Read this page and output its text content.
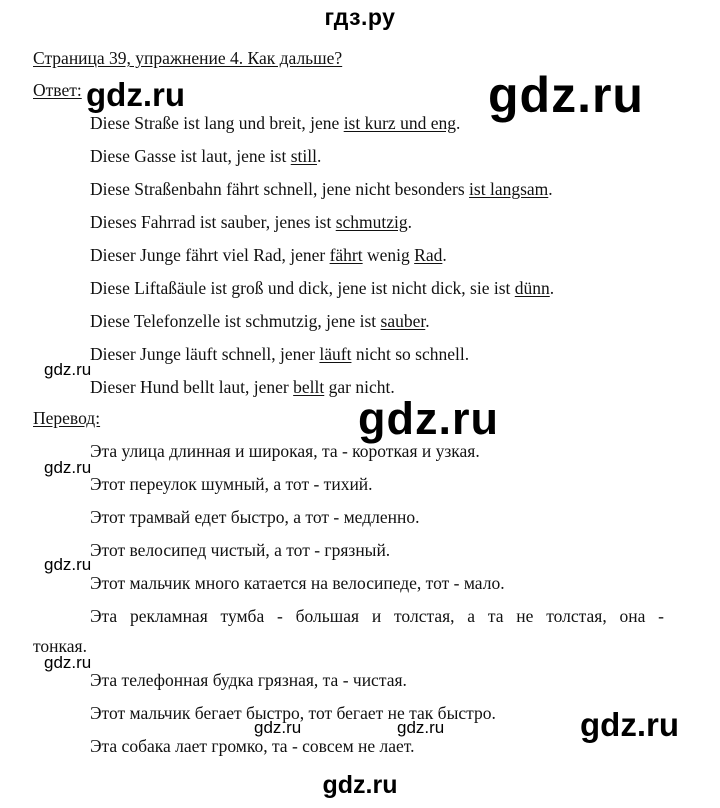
гдз.ру
Страница 39, упражнение 4. Как дальше?
Ответ:
Diese Straße ist lang und breit, jene ist kurz und eng.
Diese Gasse ist laut, jene ist still.
Diese Straßenbahn fährt schnell, jene nicht besonders ist langsam.
Dieses Fahrrad ist sauber, jenes ist schmutzig.
Dieser Junge fährt viel Rad, jener fährt wenig Rad.
Diese Liftaßäule ist groß und dick, jene ist nicht dick, sie ist dünn.
Diese Telefonzelle ist schmutzig, jene ist sauber.
Dieser Junge läuft schnell, jener läuft nicht so schnell.
Dieser Hund bellt laut, jener bellt gar nicht.
Перевод:
Эта улица длинная и широкая, та - короткая и узкая.
Этот переулок шумный, а тот - тихий.
Этот трамвай едет быстро, а тот - медленно.
Этот велосипед чистый, а тот - грязный.
Этот мальчик много катается на велосипеде, тот - мало.
Эта рекламная тумба - большая и толстая, а та не толстая, она -
тонкая.
Эта телефонная будка грязная, та - чистая.
Этот мальчик бегает быстро, тот бегает не так быстро.
Эта собака лает громко, та - совсем не лает.
gdz.ru	gdz.ru
gdz.ru
gdz.ru
gdz.ru
gdz.ru
gdz.ru
gdz.ru	gdz.ru	gdz.ru
gdz.ru
